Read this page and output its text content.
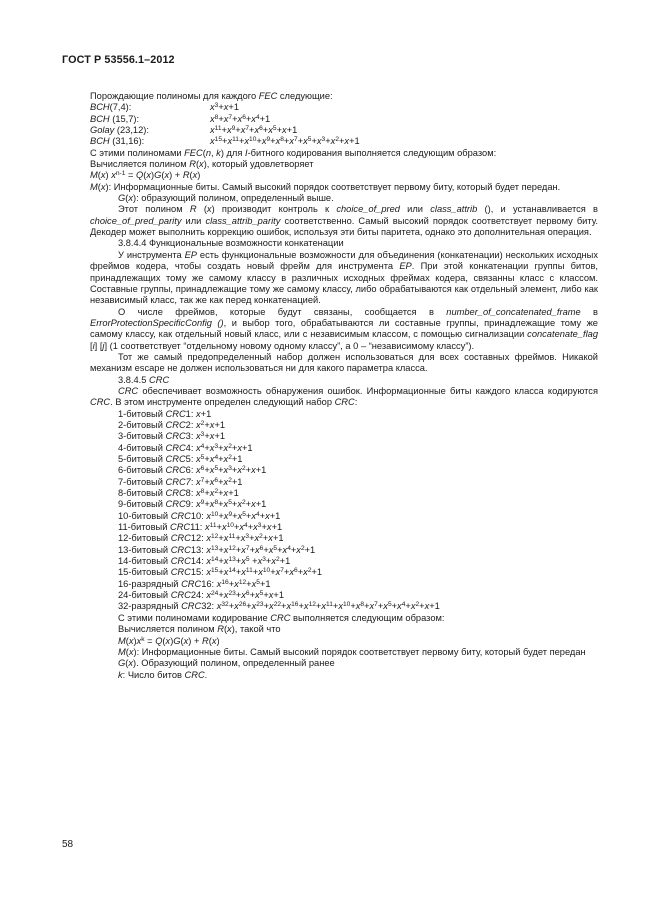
ГОСТ Р 53556.1–2012

Порождающие полиномы для каждого FEC следующие:

BCH(7,4):	$x^3+x+1$
BCH (15,7):	$x^8+x^7+x^6+x^4+1$
Golay (23,12):	$x^{11}+x^9+x^7+x^6+x^5+x+1$
BCH (31,16):	$x^{15}+x^{11}+x^{10}+x^9+x^8+x^7+x^5+x^3+x^2+x+1$

С этими полиномами FEC(n, k) для I-битного кодирования выполняется следующим образом:

Вычисляется полином R(x), который удовлетворяет

M(x) $x^{n-1} = Q(x)G(x) + R(x)$

M(x): Информационные биты. Самый высокий порядок соответствует первому биту, который будет передан.

G(x): образующий полином, определенный выше.

Этот полином R (x) производит контроль к choice_of_pred или class_attrib (), и устанавливается в choice_of_pred_parity или class_attrib_parity соответственно. Самый высокий порядок соответствует первому биту. Декодер может выполнить коррекцию ошибок, используя эти биты паритета, однако это дополнительная операция.

3.8.4.4 Функциональные возможности конкатенации

У инструмента EP есть функциональные возможности для объединения (конкатенации) нескольких исходных фреймов кодера, чтобы создать новый фрейм для инструмента EP. При этой конкатенации группы битов, принадлежащих тому же самому классу в различных исходных фреймах кодера, связанны класс с классом. Составные группы, принадлежащие тому же самому классу, либо обрабатываются как отдельный элемент, либо как независимый класс, так же как перед конкатенацией.

О числе фреймов, которые будут связаны, сообщается в number_of_concatenated_frame в ErrorProtectionSpecificConfig (), и выбор того, обрабатываются ли составные группы, принадлежащие тому же самому классу, как отдельный новый класс, или с независимым классом, с помощью сигнализации concatenate_flag [i] [j] (1 соответствует “отдельному новому одному классу”, а 0 – “независимому классу”).

Тот же самый предопределенный набор должен использоваться для всех составных фреймов. Никакой механизм escape не должен использоваться ни для какого параметра класса.

3.8.4.5 CRC

CRC обеспечивает возможность обнаружения ошибок. Информационные биты каждого класса кодируются CRC. В этом инструменте определен следующий набор CRC:

1-битовый CRC1: x+1

2-битовый CRC2: $x^2+x+1$

3-битовый CRC3: $x^3+x+1$

4-битовый CRC4: $x^4+x^3+x^2+x+1$

5-битовый CRC5: $x^5+x^4+x^2+1$

6-битовый CRC6: $x^6+x^5+x^3+x^2+x+1$

7-битовый CRC7: $x^7+x^6+x^2+1$

8-битовый CRC8: $x^8+x^2+x+1$

9-битовый CRC9: $x^9+x^8+x^5+x^2+x+1$

10-битовый CRC10: $x^{10}+x^9+x^5+x^4+x+1$

11-битовый CRC11: $x^{11}+x^{10}+x^4+x^3+x+1$

12-битовый CRC12: $x^{12}+x^{11}+x^3+x^2+x+1$

13-битовый CRC13: $x^{13}+x^{12}+x^7+x^6+x^5+x^4+x^2+1$

14-битовый CRC14: $x^{14}+x^{13}+x^5 +x^3+x^2+1$

15-битовый CRC15: $x^{15}+x^{14}+x^{11}+x^{10}+x^7+x^6+x^2+1$

16-разрядный CRC16: $x^{16}+x^{12}+x^5+1$

24-битовый CRC24: $x^{24}+x^{23}+x^6+x^5+x+1$

32-разрядный CRC32: $x^{32}+x^{26}+x^{23}+x^{22}+x^{16}+x^{12}+x^{11}+x^{10}+x^8+x^7+x^5+x^4+x^2+x+1$

С этими полиномами кодирование CRC выполняется следующим образом:

Вычисляется полином R(x), такой что

$M(x)x^k = Q(x)G(x) + R(x)$

M(x): Информационные биты. Самый высокий порядок соответствует первому биту, который будет передан

G(x). Образующий полином, определенный ранее

k: Число битов CRC.

58
